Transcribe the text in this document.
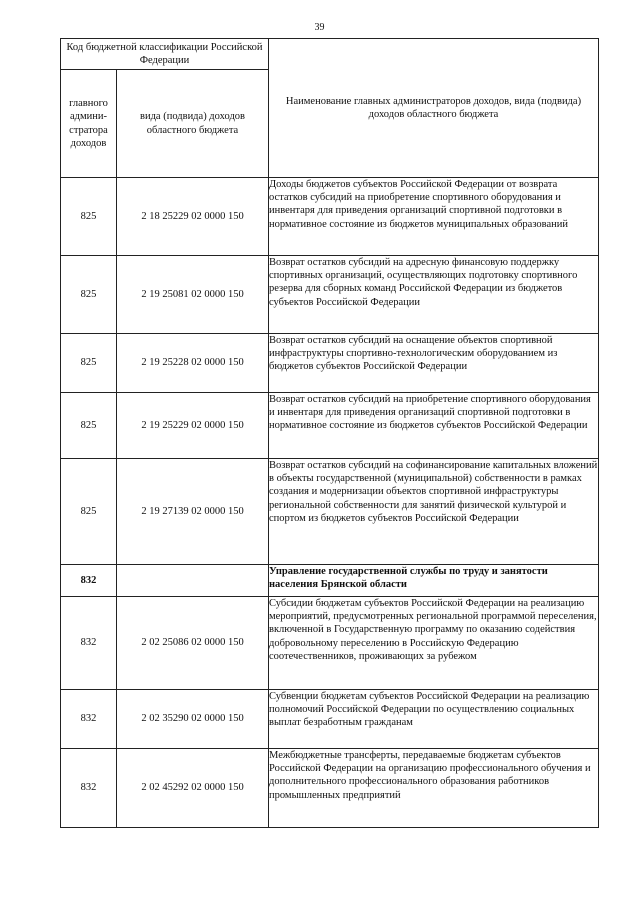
39
Код бюджетной классификации Российской Федерации		Наименование главных администраторов доходов, вида (подвида) доходов областного бюджета
главного
админи-
стратора
доходов	вида (подвида) доходов областного бюджета	
825	2 18 25229 02 0000 150	Доходы бюджетов субъектов Российской Федерации от возврата остатков субсидий на приобретение спортивного оборудования и инвентаря для приведения организаций спортивной подготовки в нормативное состояние из бюджетов муниципальных образований
825	2 19 25081 02 0000 150	Возврат остатков субсидий на адресную финансовую поддержку спортивных организаций, осуществляющих подготовку спортивного резерва для сборных команд Российской Федерации из бюджетов субъектов Российской Федерации
825	2 19 25228 02 0000 150	Возврат остатков субсидий на оснащение объектов спортивной инфраструктуры спортивно-технологическим оборудованием из бюджетов субъектов Российской Федерации
825	2 19 25229 02 0000 150	Возврат остатков субсидий на приобретение спортивного оборудования и инвентаря для приведения организаций спортивной подготовки в нормативное состояние из бюджетов субъектов Российской Федерации
825	2 19 27139 02 0000 150	Возврат остатков субсидий на софинансирование капитальных вложений в объекты государственной (муниципальной) собственности в рамках создания и модернизации объектов спортивной инфраструктуры региональной собственности для занятий физической культурой и спортом из бюджетов субъектов Российской Федерации
832		Управление государственной службы по труду и занятости населения Брянской области
832	2 02 25086 02 0000 150	Субсидии бюджетам субъектов Российской Федерации на реализацию мероприятий, предусмотренных региональной программой переселения, включенной в Государственную программу по оказанию содействия добровольному переселению в Российскую Федерацию соотечественников, проживающих за рубежом
832	2 02 35290 02 0000 150	Субвенции бюджетам субъектов Российской Федерации на реализацию полномочий Российской Федерации по осуществлению социальных выплат безработным гражданам
832	2 02 45292 02 0000 150	Межбюджетные трансферты, передаваемые бюджетам субъектов Российской Федерации на организацию профессионального обучения и дополнительного профессионального образования работников промышленных предприятий
